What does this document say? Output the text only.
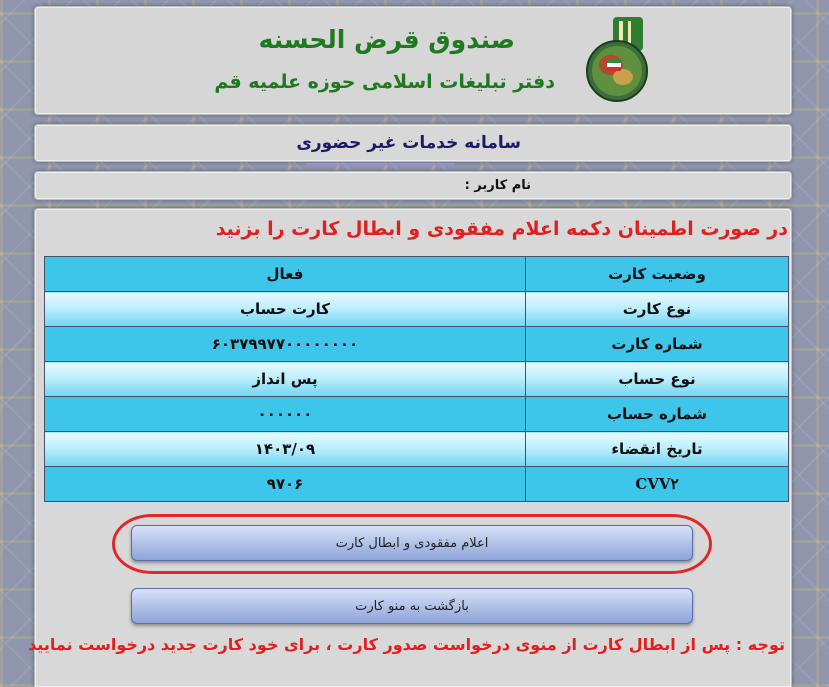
صندوق قرض الحسنه
دفتر تبلیغات اسلامی حوزه علمیه قم
سامانه خدمات غیر حضوری
نام کاربر :
در صورت اطمینان دکمه اعلام مفقودی و ابطال کارت را بزنید
وضعیت کارت	فعال
نوع کارت	کارت حساب
شماره کارت	۶۰۳۷۹۹۷۷۰۰۰۰۰۰۰۰
نوع حساب	پس انداز
شماره حساب	۰۰۰۰۰۰
تاریخ انقضاء	۱۴۰۳/۰۹
CVV۲	۹۷۰۶
اعلام مفقودی و ابطال کارت
بازگشت به منو کارت
توجه : پس از ابطال کارت از منوی درخواست صدور کارت ، برای خود کارت جدید درخواست نمایید
